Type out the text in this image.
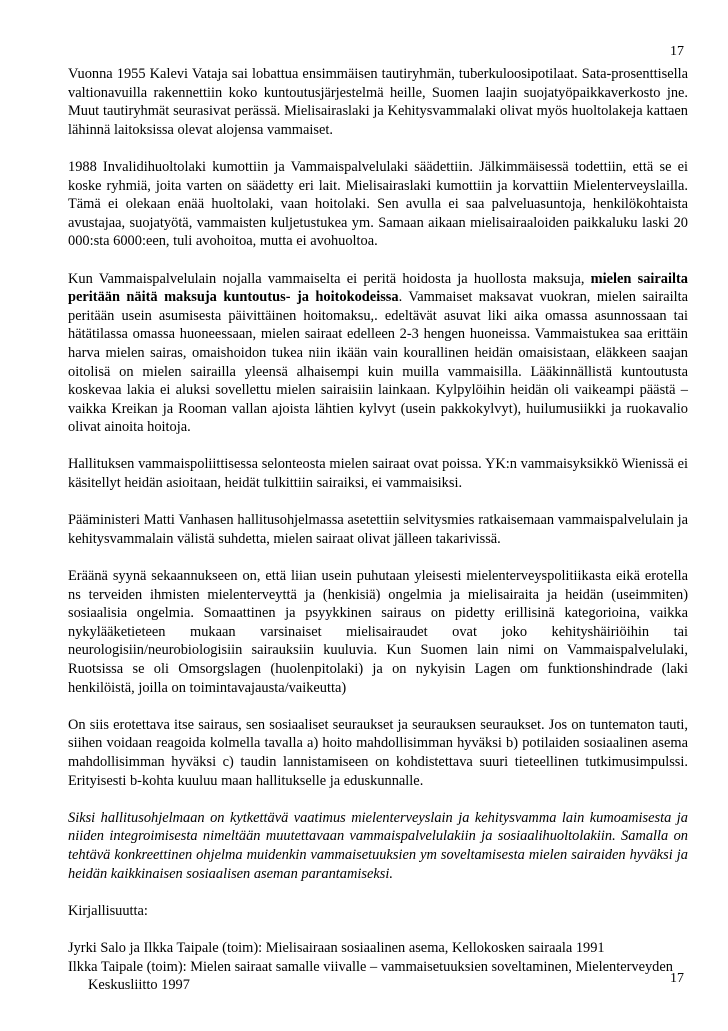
17

Vuonna 1955 Kalevi Vataja sai lobattua ensimmäisen tautiryhmän, tuberkuloosipotilaat. Sata-prosenttisella valtionavuilla rakennettiin koko kuntoutusjärjestelmä heille, Suomen laajin suojatyöpaikkaverkosto jne. Muut tautiryhmät seurasivat perässä. Mielisairaslaki ja Kehitysvammalaki olivat myös huoltolakeja kattaen lähinnä laitoksissa olevat alojensa vammaiset.

1988 Invalidihuoltolaki kumottiin ja Vammaispalvelulaki säädettiin. Jälkimmäisessä todettiin, että se ei koske ryhmiä, joita varten on säädetty eri lait. Mielisairaslaki kumottiin ja korvattiin Mielenterveyslailla. Tämä ei olekaan enää huoltolaki, vaan hoitolaki. Sen avulla ei saa palveluasuntoja, henkilökohtaista avustajaa, suojatyötä, vammaisten kuljetustukea ym. Samaan aikaan mielisairaaloiden paikkaluku laski 20 000:sta 6000:een, tuli avohoitoa, mutta ei avohuoltoa.

Kun Vammaispalvelulain nojalla vammaiselta ei peritä hoidosta ja huollosta maksuja, mielen sairailta peritään näitä maksuja kuntoutus- ja hoitokodeissa. Vammaiset maksavat vuokran, mielen sairailta peritään usein asumisesta päivittäinen hoitomaksu,. edeltävät asuvat liki aika omassa asunnossaan tai hätätilassa omassa huoneessaan, mielen sairaat edelleen 2-3 hengen huoneissa. Vammaistukea saa erittäin harva mielen sairas, omaishoidon tukea niin ikään vain kourallinen heidän omaisistaan, eläkkeen saajan oitolisä on mielen sairailla yleensä alhaisempi kuin muilla vammaisilla. Lääkinnällistä kuntoutusta koskevaa lakia ei aluksi sovellettu mielen sairaisiin lainkaan. Kylpylöihin heidän oli vaikeampi päästä – vaikka Kreikan ja Rooman vallan ajoista lähtien kylvyt (usein pakkokylvyt), huilumusiikki ja ruokavalio olivat ainoita hoitoja.

Hallituksen vammaispoliittisessa selonteosta mielen sairaat ovat poissa. YK:n vammaisyksikkö Wienissä ei käsitellyt heidän asioitaan, heidät tulkittiin sairaiksi, ei vammaisiksi.

Pääministeri Matti Vanhasen hallitusohjelmassa asetettiin selvitysmies ratkaisemaan vammaispalvelulain ja kehitysvammalain välistä suhdetta, mielen sairaat olivat jälleen takarivissä.

Eräänä syynä sekaannukseen on, että liian usein puhutaan yleisesti mielenterveyspolitiikasta eikä erotella ns terveiden ihmisten mielenterveyttä ja (henkisiä) ongelmia ja mielisairaita ja heidän (useimmiten) sosiaalisia ongelmia. Somaattinen ja psyykkinen sairaus on pidetty erillisinä kategorioina, vaikka nykylääketieteen mukaan varsinaiset mielisairaudet ovat joko kehityshäiriöihin tai neurologisiin/neurobiologisiin sairauksiin kuuluvia. Kun Suomen lain nimi on Vammaispalvelulaki, Ruotsissa se oli Omsorgslagen (huolenpitolaki) ja on nykyisin Lagen om funktionshindrade (laki henkilöistä, joilla on toimintavajausta/vaikeutta)

On siis erotettava itse sairaus, sen sosiaaliset seuraukset ja seurauksen seuraukset. Jos on tuntematon tauti, siihen voidaan reagoida kolmella tavalla a) hoito mahdollisimman hyväksi b) potilaiden sosiaalinen asema mahdollisimman hyväksi c) taudin lannistamiseen on kohdistettava suuri tieteellinen tutkimusimpulssi. Erityisesti b-kohta kuuluu maan hallitukselle ja eduskunnalle.

Siksi hallitusohjelmaan on kytkettävä vaatimus mielenterveyslain ja kehitysvamma lain kumoamisesta ja niiden integroimisesta nimeltään muutettavaan vammaispalvelulakiin ja sosiaalihuoltolakiin. Samalla on tehtävä konkreettinen ohjelma muidenkin vammaisetuuksien ym soveltamisesta mielen sairaiden hyväksi ja heidän kaikkinaisen sosiaalisen aseman parantamiseksi.

Kirjallisuutta:

Jyrki Salo ja Ilkka Taipale (toim): Mielisairaan sosiaalinen asema, Kellokosken sairaala 1991

Ilkka Taipale (toim): Mielen sairaat samalle viivalle – vammaisetuuksien soveltaminen, Mielenterveyden Keskusliitto 1997	17
